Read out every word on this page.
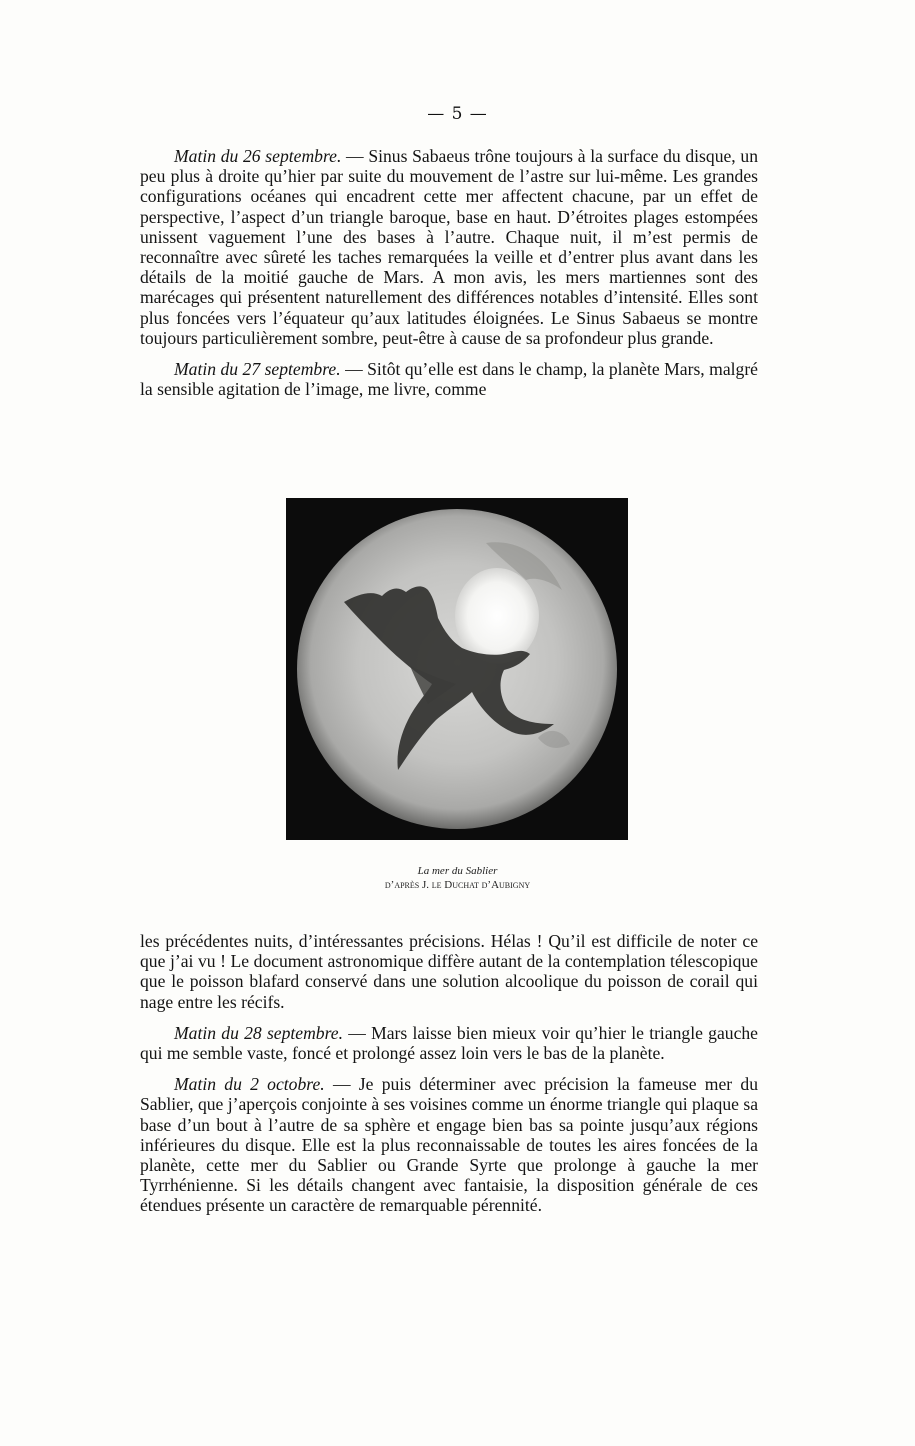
— 5 —

Matin du 26 septembre. — Sinus Sabaeus trône toujours à la surface du disque, un peu plus à droite qu’hier par suite du mouvement de l’astre sur lui-même. Les grandes configurations océanes qui encadrent cette mer affectent chacune, par un effet de perspective, l’aspect d’un triangle baroque, base en haut. D’étroites plages estompées unissent vaguement l’une des bases à l’autre. Chaque nuit, il m’est permis de reconnaître avec sûreté les taches remarquées la veille et d’entrer plus avant dans les détails de la moitié gauche de Mars. A mon avis, les mers martiennes sont des marécages qui présentent naturellement des différences notables d’intensité. Elles sont plus foncées vers l’équateur qu’aux latitudes éloignées. Le Sinus Sabaeus se montre toujours particulièrement sombre, peut-être à cause de sa profondeur plus grande.

Matin du 27 septembre. — Sitôt qu’elle est dans le champ, la planète Mars, malgré la sensible agitation de l’image, me livre, comme

La mer du Sablier
d’après J. le Duchat d’Aubigny

les précédentes nuits, d’intéressantes précisions. Hélas ! Qu’il est difficile de noter ce que j’ai vu ! Le document astronomique diffère autant de la contemplation télescopique que le poisson blafard conservé dans une solution alcoolique du poisson de corail qui nage entre les récifs.

Matin du 28 septembre. — Mars laisse bien mieux voir qu’hier le triangle gauche qui me semble vaste, foncé et prolongé assez loin vers le bas de la planète.

Matin du 2 octobre. — Je puis déterminer avec précision la fameuse mer du Sablier, que j’aperçois conjointe à ses voisines comme un énorme triangle qui plaque sa base d’un bout à l’autre de sa sphère et engage bien bas sa pointe jusqu’aux régions inférieures du disque. Elle est la plus reconnaissable de toutes les aires foncées de la planète, cette mer du Sablier ou Grande Syrte que prolonge à gauche la mer Tyrrhénienne. Si les détails changent avec fantaisie, la disposition générale de ces étendues présente un caractère de remarquable pérennité.
